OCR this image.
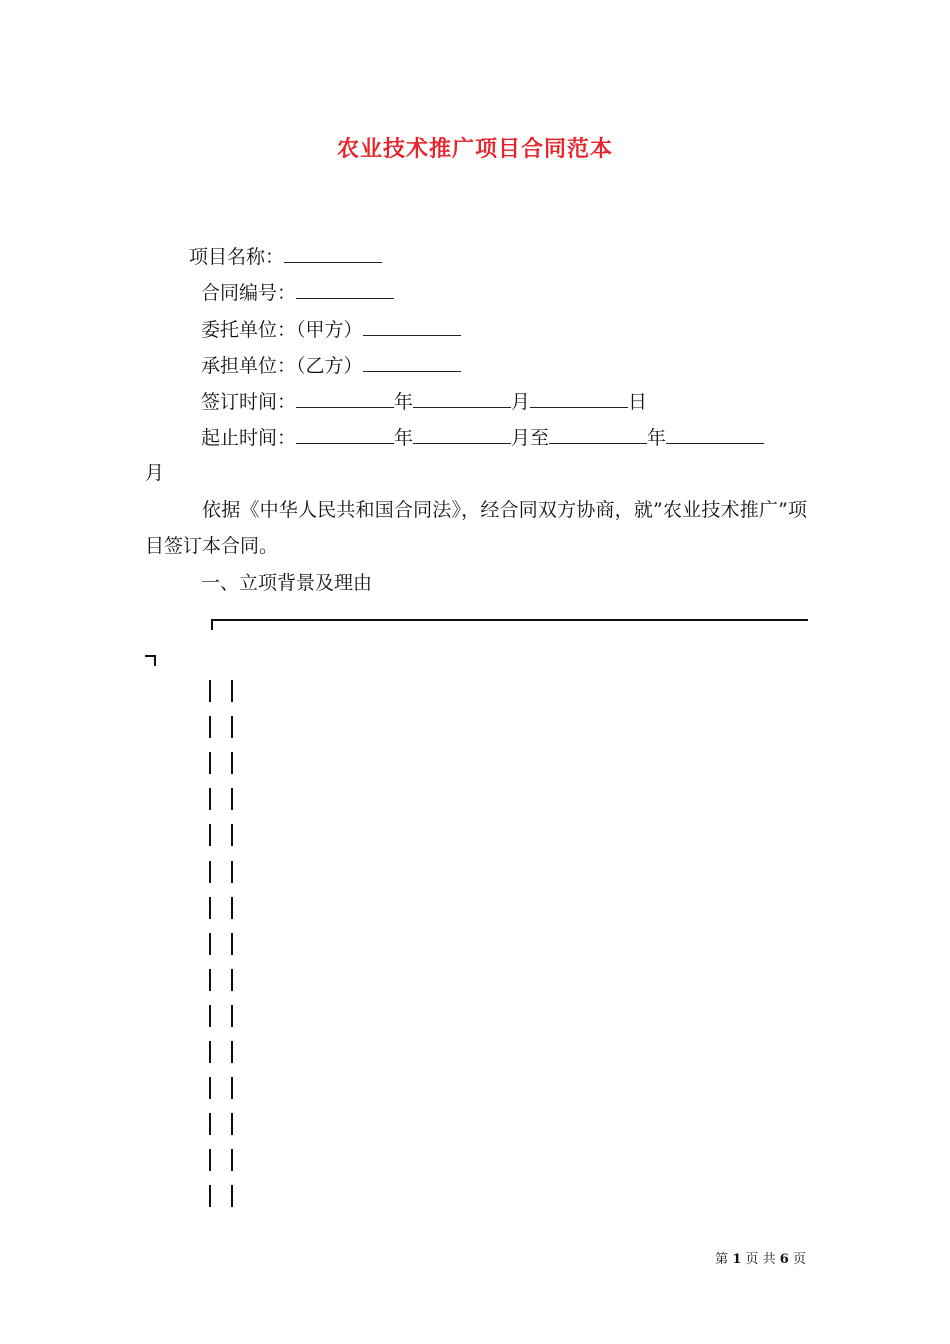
农业技术推广项目合同范本
项目名称：
合同编号：
委托单位：（甲方）
承担单位：（乙方）
签订时间：	年	月	日
起止时间：	年	月至	年
月
依据《中华人民共和国合同法》，经合同双方协商，就”农业技术推广”项目签订本合同。
一、立项背景及理由
第 1 页 共 6 页
